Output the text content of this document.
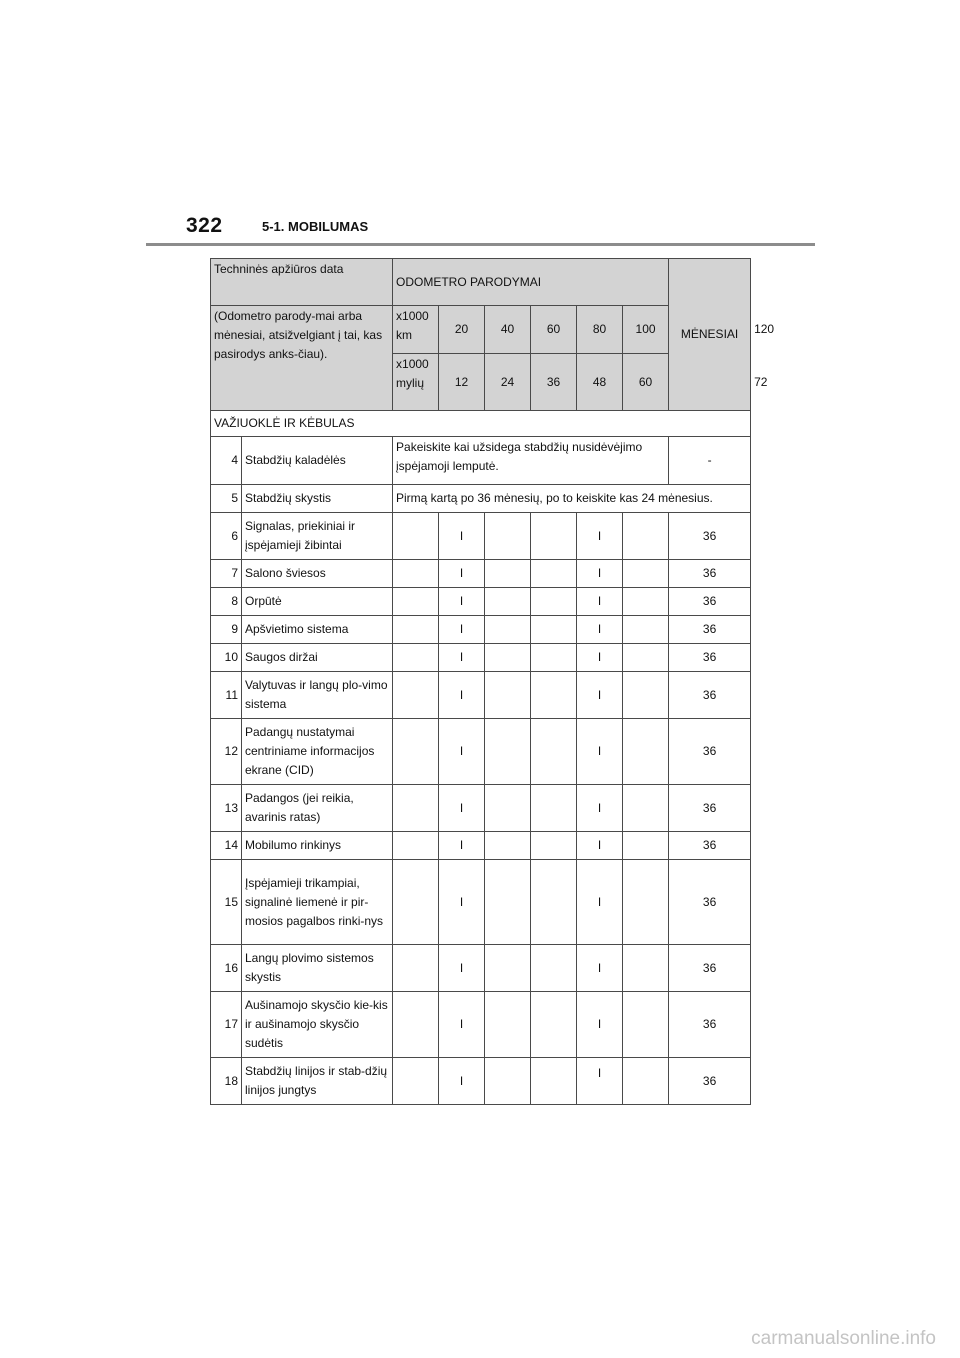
322	5-1. MOBILUMAS
Techninės apžiūros data		ODOMETRO PARODYMAI						MĖNESIAI	
(Odometro parody-mai arba mėnesiai, atsižvelgiant į tai, kas pasirodys anks-čiau).		x1000 km	20	40	60	80	100		120
		x1000 mylių	12	24	36	48	60		72
VAŽIUOKLĖ IR KĖBULAS									
4	Stabdžių kaladėlės	Pakeiskite kai užsidega stabdžių nusidėvėjimo įspėjamoji lemputė.						-	
5	Stabdžių skystis	Pirmą kartą po 36 mėnesių, po to keiskite kas 24 mėnesius.							
6	Signalas, priekiniai ir įspėjamieji žibintai		I			I		36	
7	Salono šviesos		I			I		36	
8	Orpūtė		I			I		36	
9	Apšvietimo sistema		I			I		36	
10	Saugos diržai		I			I		36	
11	Valytuvas ir langų plo-vimo sistema		I			I		36	
12	Padangų nustatymai centriniame informacijos ekrane (CID)		I			I		36	
13	Padangos (jei reikia, avarinis ratas)		I			I		36	
14	Mobilumo rinkinys		I			I		36	
15	Įspėjamieji trikampiai, signalinė liemenė ir pir-mosios pagalbos rinki-nys		I			I		36	
16	Langų plovimo sistemos skystis		I			I		36	
17	Aušinamojo skysčio kie-kis ir aušinamojo skysčio sudėtis		I			I		36	
18	Stabdžių linijos ir stab-džių linijos jungtys		I			I		36	
carmanualsonline.info
